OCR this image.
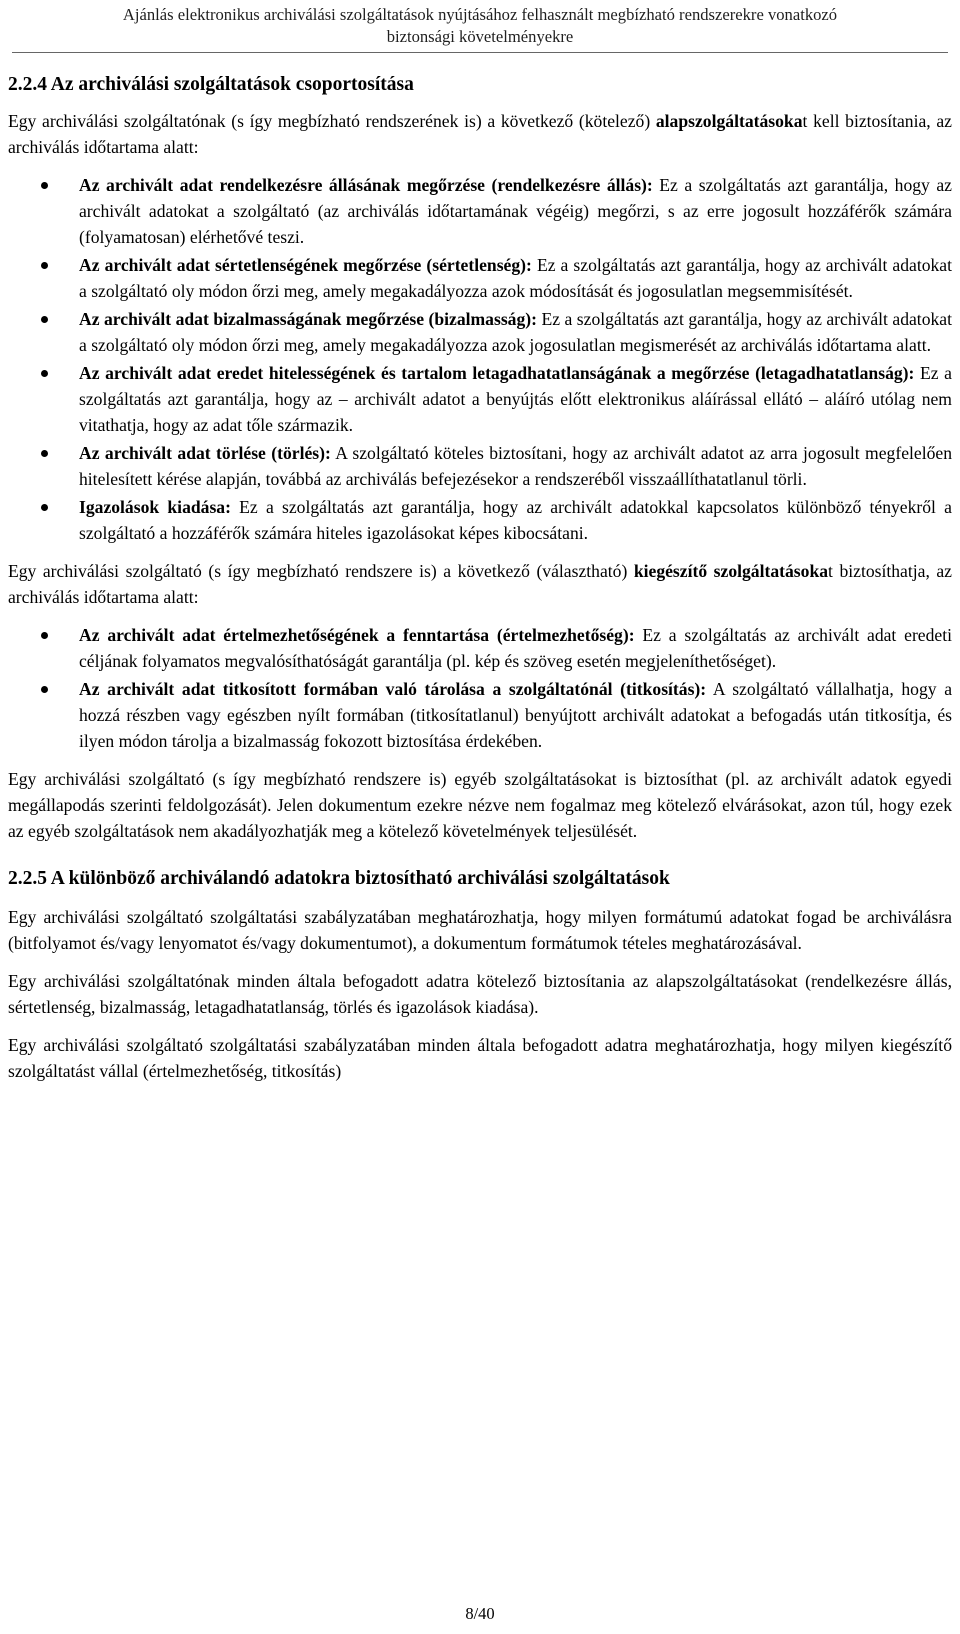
Ajánlás elektronikus archiválási szolgáltatások nyújtásához felhasznált megbízható rendszerekre vonatkozó
biztonsági követelményekre
2.2.4 Az archiválási szolgáltatások csoportosítása

Egy archiválási szolgáltatónak (s így megbízható rendszerének is) a következő (kötelező) alapszolgáltatásokat kell biztosítania, az archiválás időtartama alatt:

Az archivált adat rendelkezésre állásának megőrzése (rendelkezésre állás): Ez a szolgáltatás azt garantálja, hogy az archivált adatokat a szolgáltató (az archiválás időtartamának végéig) megőrzi, s az erre jogosult hozzáférők számára (folyamatosan) elérhetővé teszi.
Az archivált adat sértetlenségének megőrzése (sértetlenség): Ez a szolgáltatás azt garantálja, hogy az archivált adatokat a szolgáltató oly módon őrzi meg, amely megakadályozza azok módosítását és jogosulatlan megsemmisítését.
Az archivált adat bizalmasságának megőrzése (bizalmasság): Ez a szolgáltatás azt garantálja, hogy az archivált adatokat a szolgáltató oly módon őrzi meg, amely megakadályozza azok jogosulatlan megismerését az archiválás időtartama alatt.
Az archivált adat eredet hitelességének és tartalom letagadhatatlanságának a megőrzése (letagadhatatlanság): Ez a szolgáltatás azt garantálja, hogy az – archivált adatot a benyújtás előtt elektronikus aláírással ellátó – aláíró utólag nem vitathatja, hogy az adat tőle származik.
Az archivált adat törlése (törlés): A szolgáltató köteles biztosítani, hogy az archivált adatot az arra jogosult megfelelően hitelesített kérése alapján, továbbá az archiválás befejezésekor a rendszeréből visszaállíthatatlanul törli.
Igazolások kiadása: Ez a szolgáltatás azt garantálja, hogy az archivált adatokkal kapcsolatos különböző tényekről a szolgáltató a hozzáférők számára hiteles igazolásokat képes kibocsátani.

Egy archiválási szolgáltató (s így megbízható rendszere is) a következő (választható) kiegészítő szolgáltatásokat biztosíthatja, az archiválás időtartama alatt:

Az archivált adat értelmezhetőségének a fenntartása (értelmezhetőség): Ez a szolgáltatás az archivált adat eredeti céljának folyamatos megvalósíthatóságát garantálja (pl. kép és szöveg esetén megjeleníthetőséget).
Az archivált adat titkosított formában való tárolása a szolgáltatónál (titkosítás): A szolgáltató vállalhatja, hogy a hozzá részben vagy egészben nyílt formában (titkosítatlanul) benyújtott archivált adatokat a befogadás után titkosítja, és ilyen módon tárolja a bizalmasság fokozott biztosítása érdekében.

Egy archiválási szolgáltató (s így megbízható rendszere is) egyéb szolgáltatásokat is biztosíthat (pl. az archivált adatok egyedi megállapodás szerinti feldolgozását). Jelen dokumentum ezekre nézve nem fogalmaz meg kötelező elvárásokat, azon túl, hogy ezek az egyéb szolgáltatások nem akadályozhatják meg a kötelező követelmények teljesülését.

2.2.5 A különböző archiválandó adatokra biztosítható archiválási szolgáltatások

Egy archiválási szolgáltató szolgáltatási szabályzatában meghatározhatja, hogy milyen formátumú adatokat fogad be archiválásra (bitfolyamot és/vagy lenyomatot és/vagy dokumentumot), a dokumentum formátumok tételes meghatározásával.

Egy archiválási szolgáltatónak minden általa befogadott adatra kötelező biztosítania az alapszolgáltatásokat (rendelkezésre állás, sértetlenség, bizalmasság, letagadhatatlanság, törlés és igazolások kiadása).

Egy archiválási szolgáltató szolgáltatási szabályzatában minden általa befogadott adatra meghatározhatja, hogy milyen kiegészítő szolgáltatást vállal (értelmezhetőség, titkosítás)

8/40
